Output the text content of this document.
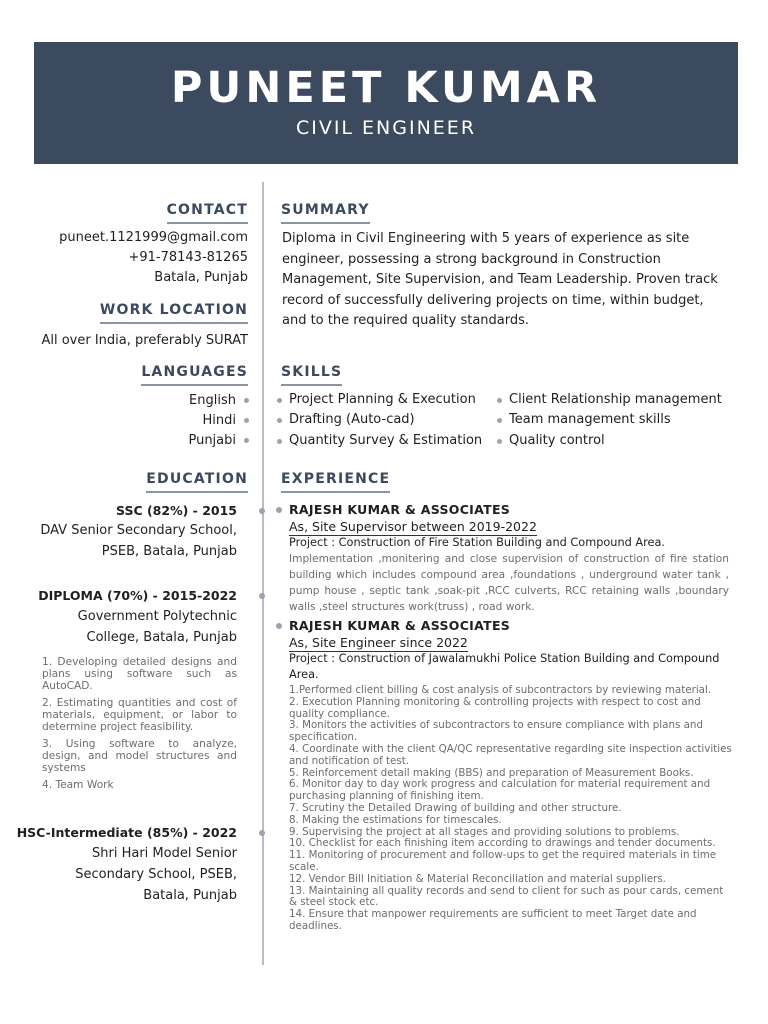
PUNEET KUMAR
CIVIL ENGINEER
CONTACT
puneet.1121999@gmail.com
+91-78143-81265
Batala, Punjab
WORK LOCATION
All over India, preferably SURAT
LANGUAGES
English
Hindi
Punjabi
EDUCATION
SSC (82%) - 2015
DAV Senior Secondary School,
PSEB, Batala, Punjab
DIPLOMA (70%) - 2015-2022
Government Polytechnic
College, Batala, Punjab

1. Developing detailed designs and plans using software such as AutoCAD.

2. Estimating quantities and cost of materials, equipment, or labor to determine project feasibility.

3. Using software to analyze, design, and model structures and systems

4. Team Work

HSC-Intermediate (85%) - 2022
Shri Hari Model Senior
Secondary School, PSEB,
Batala, Punjab
SUMMARY
Diploma in Civil Engineering with 5 years of experience as site engineer, possessing a strong background in Construction Management, Site Supervision, and Team Leadership. Proven track record of successfully delivering projects on time, within budget, and to the required quality standards.
SKILLS
Project Planning & Execution
Drafting (Auto-cad)
Quantity Survey & Estimation
Client Relationship management
Team management skills
Quality control
EXPERIENCE
RAJESH KUMAR & ASSOCIATES
As, Site Supervisor between 2019-2022
Project : Construction of Fire Station Building and Compound Area.
Implementation ,monitering and close supervision of construction of fire station building which includes compound area ,foundations , underground water tank , pump house , septic tank ,soak-pit ,RCC culverts, RCC retaining walls ,boundary walls ,steel structures work(truss) , road work.
RAJESH KUMAR & ASSOCIATES
As, Site Engineer since 2022
Project : Construction of Jawalamukhi Police Station Building and Compound Area.

1.Performed client billing & cost analysis of subcontractors by reviewing material.

2. Execution Planning monitoring & controlling projects with respect to cost and quality compliance.

3. Monitors the activities of subcontractors to ensure compliance with plans and specification.

4. Coordinate with the client QA/QC representative regarding site inspection activities and notification of test.

5. Reinforcement detail making (BBS) and preparation of Measurement Books.

6. Monitor day to day work progress and calculation for material requirement and purchasing planning of finishing item.

7. Scrutiny the Detailed Drawing of building and other structure.

8. Making the estimations for timescales.

9. Supervising the project at all stages and providing solutions to problems.

10. Checklist for each finishing item according to drawings and tender documents.

11. Monitoring of procurement and follow-ups to get the required materials in time scale.

12. Vendor Bill Initiation & Material Reconciliation and material suppliers.

13. Maintaining all quality records and send to client for such as pour cards, cement & steel stock etc.

14. Ensure that manpower requirements are sufficient to meet Target date and deadlines.
